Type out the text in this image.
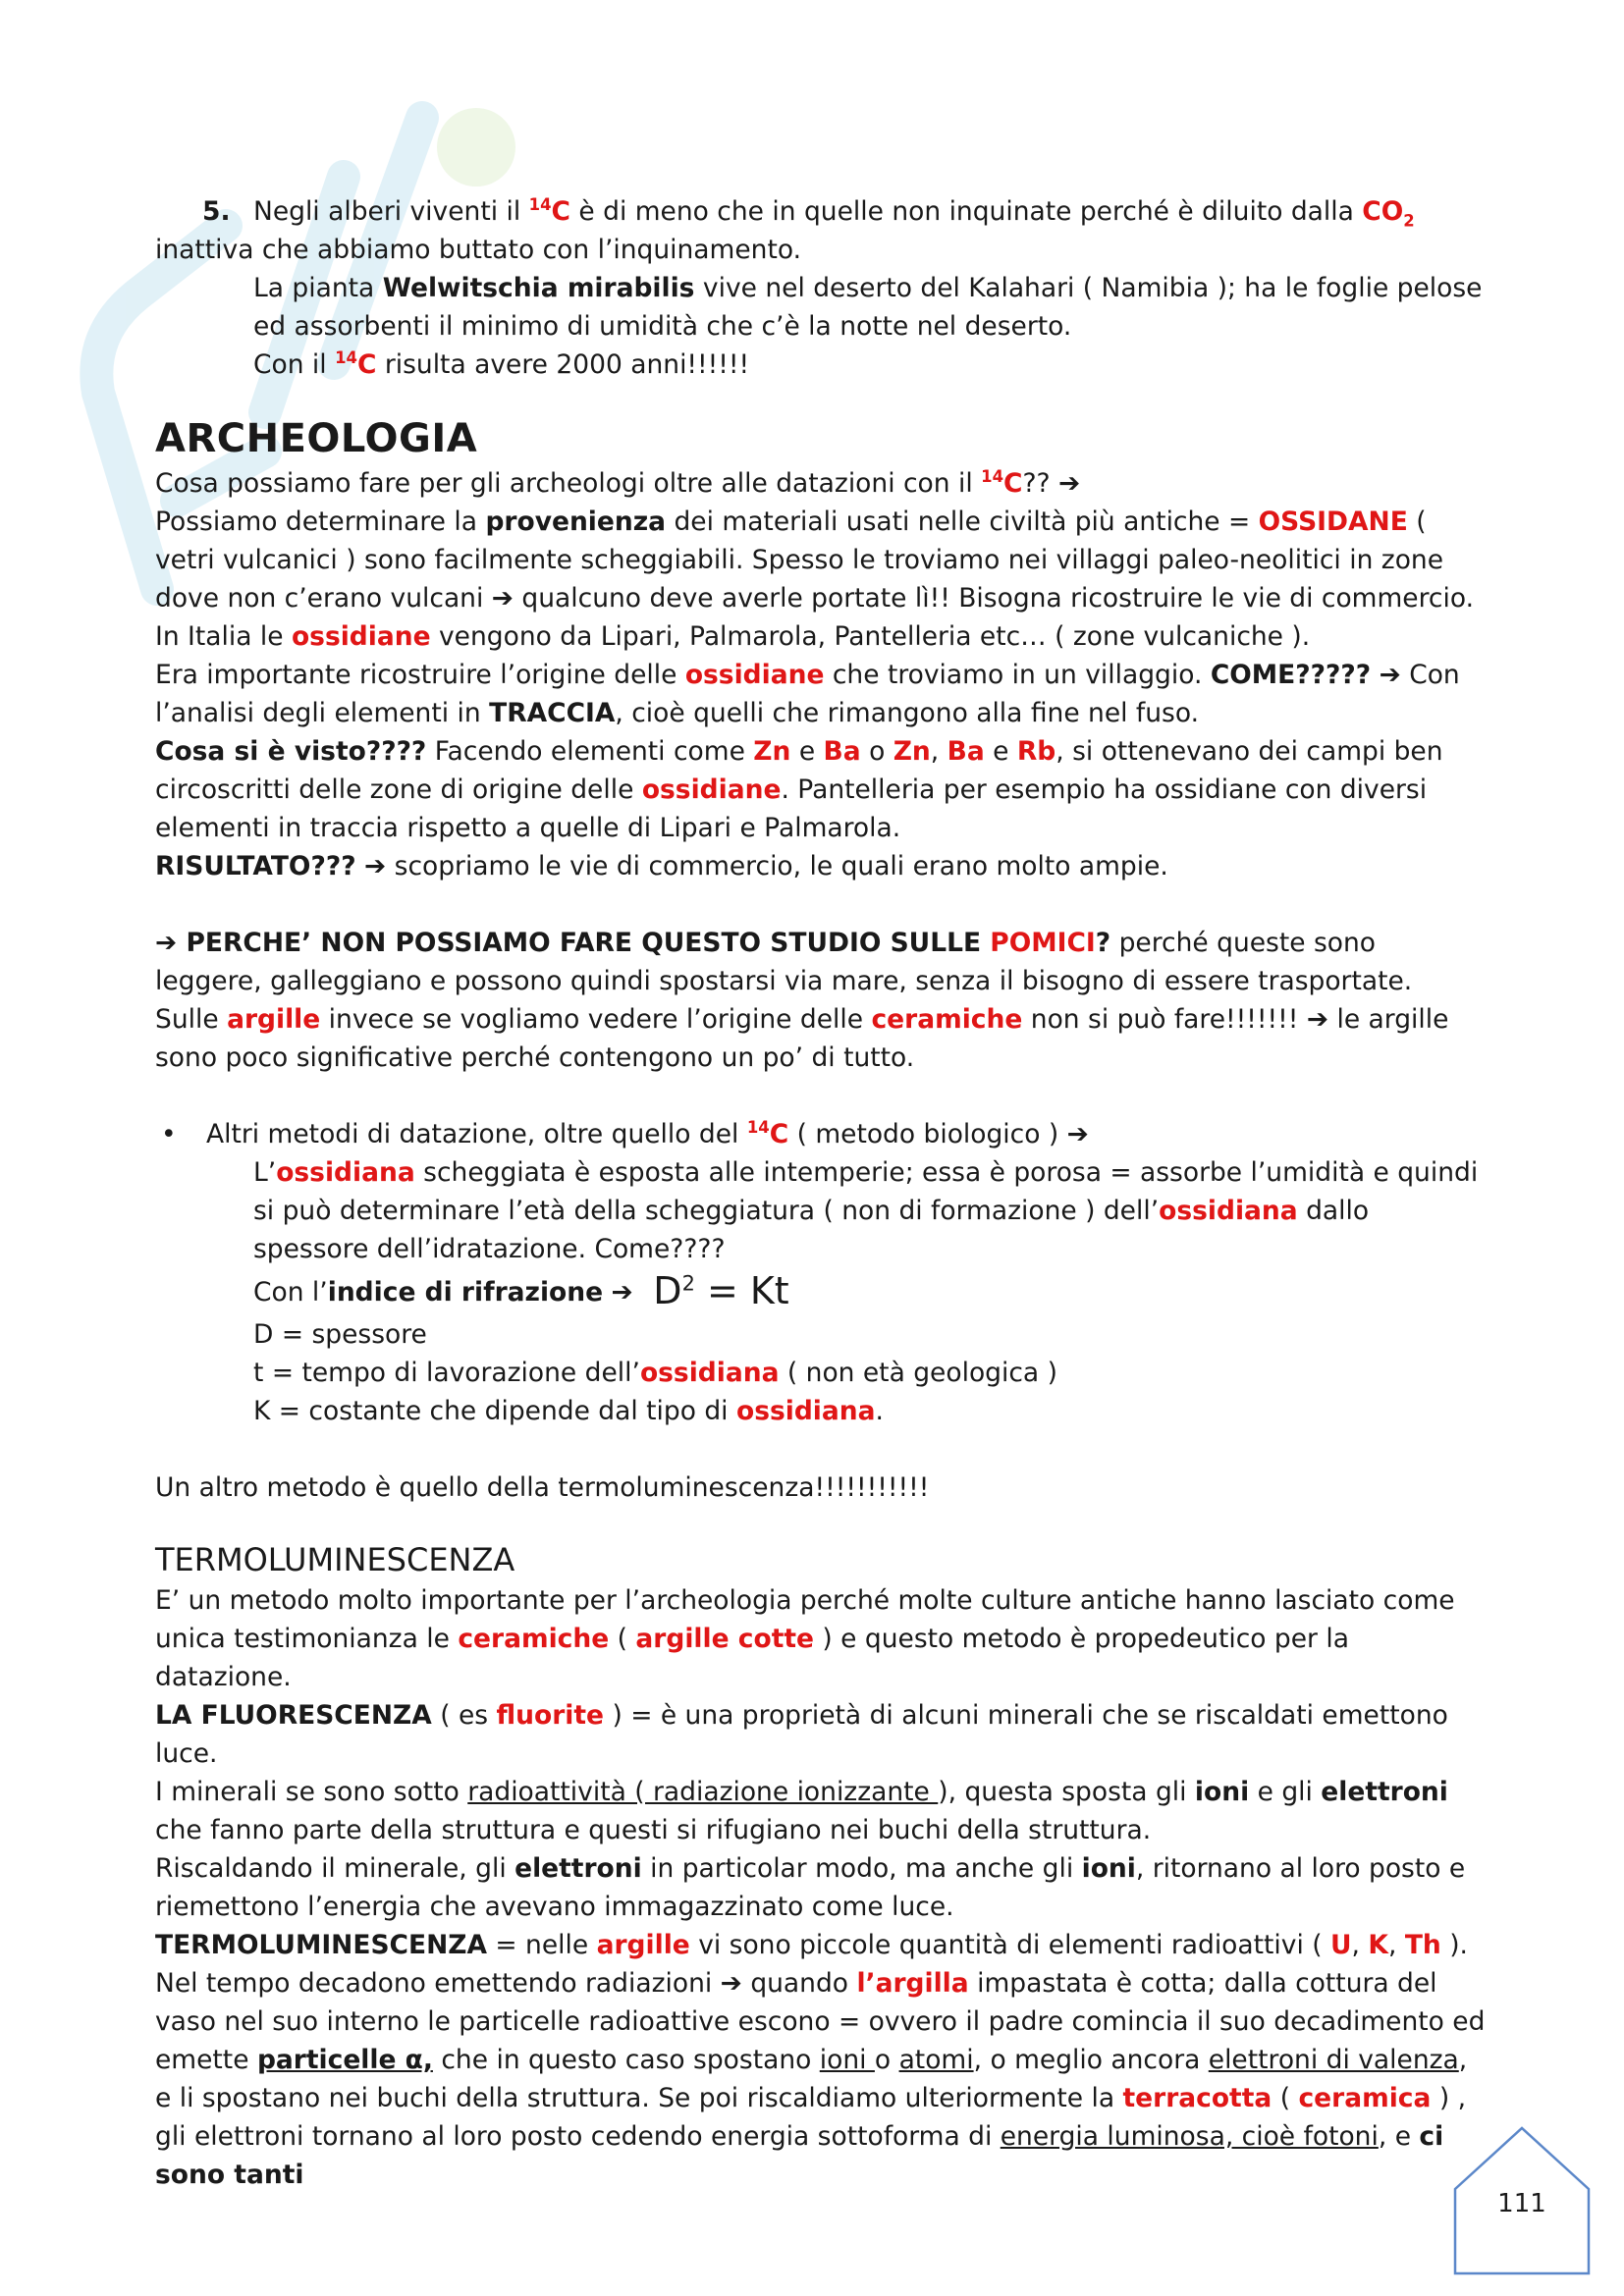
5. Negli alberi viventi il $^{14}$C è di meno che in quelle non inquinate perché è diluito dalla $CO_2$ inattiva che abbiamo buttato con l’inquinamento.

La pianta Welwitschia mirabilis vive nel deserto del Kalahari ( Namibia ); ha le foglie pelose ed assorbenti il minimo di umidità che c’è la notte nel deserto.

Con il $^{14}$C risulta avere 2000 anni!!!!!!

ARCHEOLOGIA

Cosa possiamo fare per gli archeologi oltre alle datazioni con il $^{14}$C?? ➔

Possiamo determinare la provenienza dei materiali usati nelle civiltà più antiche = OSSIDANE ( vetri vulcanici ) sono facilmente scheggiabili. Spesso le troviamo nei villaggi paleo-neolitici in zone dove non c’erano vulcani ➔ qualcuno deve averle portate lì!! Bisogna ricostruire le vie di commercio.

In Italia le ossidiane vengono da Lipari, Palmarola, Pantelleria etc… ( zone vulcaniche ).

Era importante ricostruire l’origine delle ossidiane che troviamo in un villaggio. COME????? ➔ Con l’analisi degli elementi in TRACCIA, cioè quelli che rimangono alla fine nel fuso.

Cosa si è visto???? Facendo elementi come Zn e Ba o Zn, Ba e Rb, si ottenevano dei campi ben circoscritti delle zone di origine delle ossidiane. Pantelleria per esempio ha ossidiane con diversi elementi in traccia rispetto a quelle di Lipari e Palmarola.

RISULTATO??? ➔ scopriamo le vie di commercio, le quali erano molto ampie.

➔ PERCHE’ NON POSSIAMO FARE QUESTO STUDIO SULLE POMICI? perché queste sono leggere, galleggiano e possono quindi spostarsi via mare, senza il bisogno di essere trasportate.

Sulle argille invece se vogliamo vedere l’origine delle ceramiche non si può fare!!!!!!! ➔ le argille sono poco significative perché contengono un po’ di tutto.

• Altri metodi di datazione, oltre quello del $^{14}$C ( metodo biologico ) ➔

L’ossidiana scheggiata è esposta alle intemperie; essa è porosa = assorbe l’umidità e quindi si può determinare l’età della scheggiatura ( non di formazione ) dell’ossidiana dallo spessore dell’idratazione. Come????

Con l’indice di rifrazione ➔ $D^2 = Kt$

D = spessore

t = tempo di lavorazione dell’ossidiana ( non età geologica )

K = costante che dipende dal tipo di ossidiana.

Un altro metodo è quello della termoluminescenza!!!!!!!!!!!

TERMOLUMINESCENZA

E’ un metodo molto importante per l’archeologia perché molte culture antiche hanno lasciato come unica testimonianza le ceramiche ( argille cotte ) e questo metodo è propedeutico per la datazione.

LA FLUORESCENZA ( es fluorite ) = è una proprietà di alcuni minerali che se riscaldati emettono luce.

I minerali se sono sotto radioattività ( radiazione ionizzante ), questa sposta gli ioni e gli elettroni che fanno parte della struttura e questi si rifugiano nei buchi della struttura.

Riscaldando il minerale, gli elettroni in particolar modo, ma anche gli ioni, ritornano al loro posto e riemettono l’energia che avevano immagazzinato come luce.

TERMOLUMINESCENZA = nelle argille vi sono piccole quantità di elementi radioattivi ( U, K, Th ). Nel tempo decadono emettendo radiazioni ➔ quando l’argilla impastata è cotta; dalla cottura del vaso nel suo interno le particelle radioattive escono = ovvero il padre comincia il suo decadimento ed emette particelle α, che in questo caso spostano ioni o atomi, o meglio ancora elettroni di valenza, e li spostano nei buchi della struttura. Se poi riscaldiamo ulteriormente la terracotta ( ceramica ) , gli elettroni tornano al loro posto cedendo energia sottoforma di energia luminosa, cioè fotoni, e ci sono tanti

111
